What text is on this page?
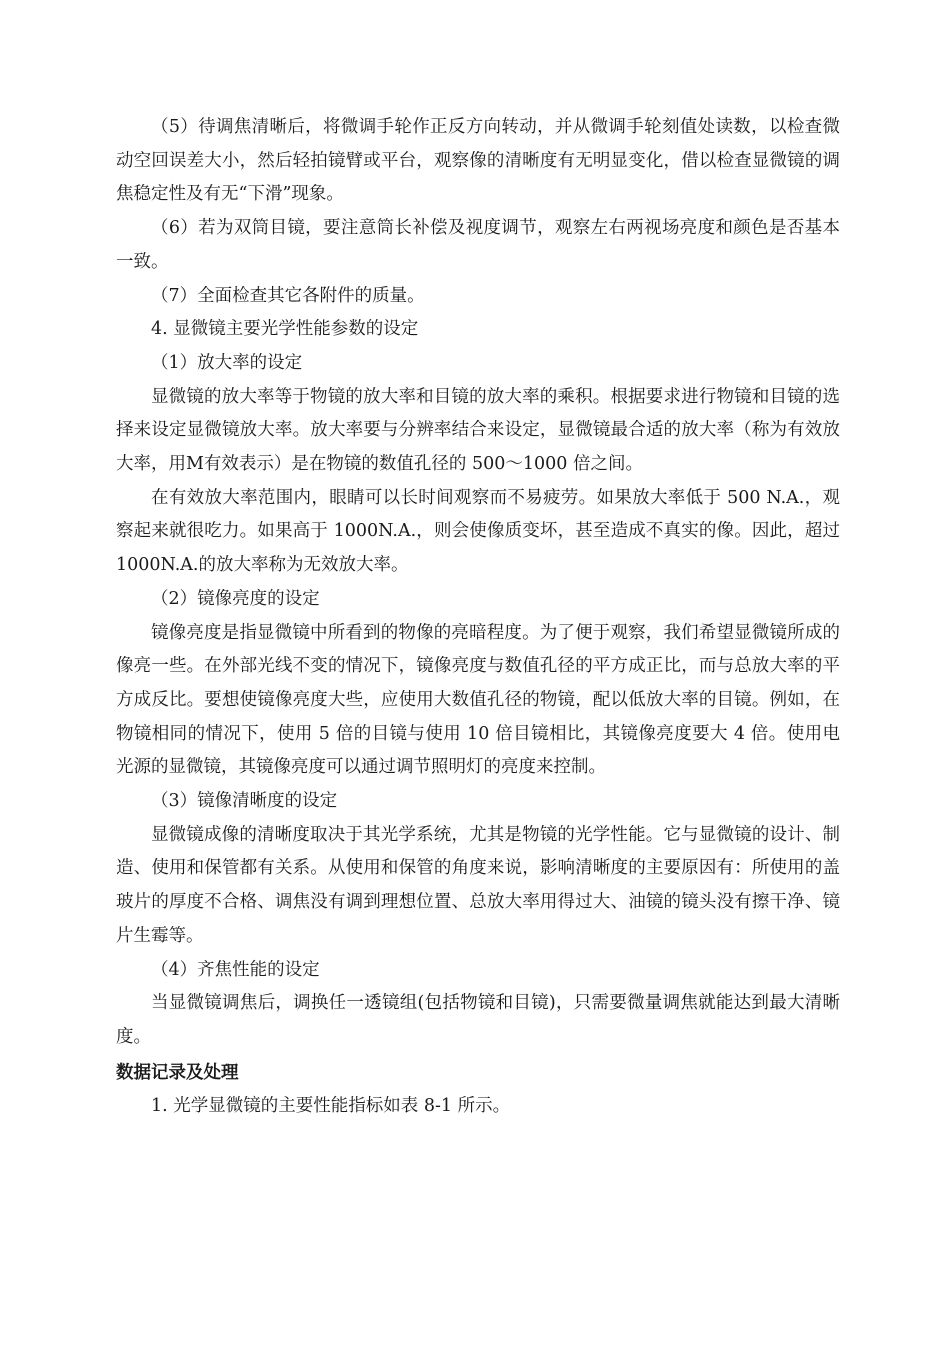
（5）待调焦清晰后，将微调手轮作正反方向转动，并从微调手轮刻值处读数，以检查微动空回误差大小，然后轻拍镜臂或平台，观察像的清晰度有无明显变化，借以检查显微镜的调焦稳定性及有无“下滑”现象。

（6）若为双筒目镜，要注意筒长补偿及视度调节，观察左右两视场亮度和颜色是否基本一致。

（7）全面检查其它各附件的质量。

4. 显微镜主要光学性能参数的设定

（1）放大率的设定

显微镜的放大率等于物镜的放大率和目镜的放大率的乘积。根据要求进行物镜和目镜的选择来设定显微镜放大率。放大率要与分辨率结合来设定，显微镜最合适的放大率（称为有效放大率，用M有效表示）是在物镜的数值孔径的 500～1000 倍之间。

在有效放大率范围内，眼睛可以长时间观察而不易疲劳。如果放大率低于 500 N.A.，观察起来就很吃力。如果高于 1000N.A.，则会使像质变坏，甚至造成不真实的像。因此，超过 1000N.A.的放大率称为无效放大率。

（2）镜像亮度的设定

镜像亮度是指显微镜中所看到的物像的亮暗程度。为了便于观察，我们希望显微镜所成的像亮一些。在外部光线不变的情况下，镜像亮度与数值孔径的平方成正比，而与总放大率的平方成反比。要想使镜像亮度大些，应使用大数值孔径的物镜，配以低放大率的目镜。例如，在物镜相同的情况下，使用 5 倍的目镜与使用 10 倍目镜相比，其镜像亮度要大 4 倍。使用电光源的显微镜，其镜像亮度可以通过调节照明灯的亮度来控制。

（3）镜像清晰度的设定

显微镜成像的清晰度取决于其光学系统，尤其是物镜的光学性能。它与显微镜的设计、制造、使用和保管都有关系。从使用和保管的角度来说，影响清晰度的主要原因有：所使用的盖玻片的厚度不合格、调焦没有调到理想位置、总放大率用得过大、油镜的镜头没有擦干净、镜片生霉等。

（4）齐焦性能的设定

当显微镜调焦后，调换任一透镜组(包括物镜和目镜)，只需要微量调焦就能达到最大清晰度。

数据记录及处理

1. 光学显微镜的主要性能指标如表 8-1 所示。
